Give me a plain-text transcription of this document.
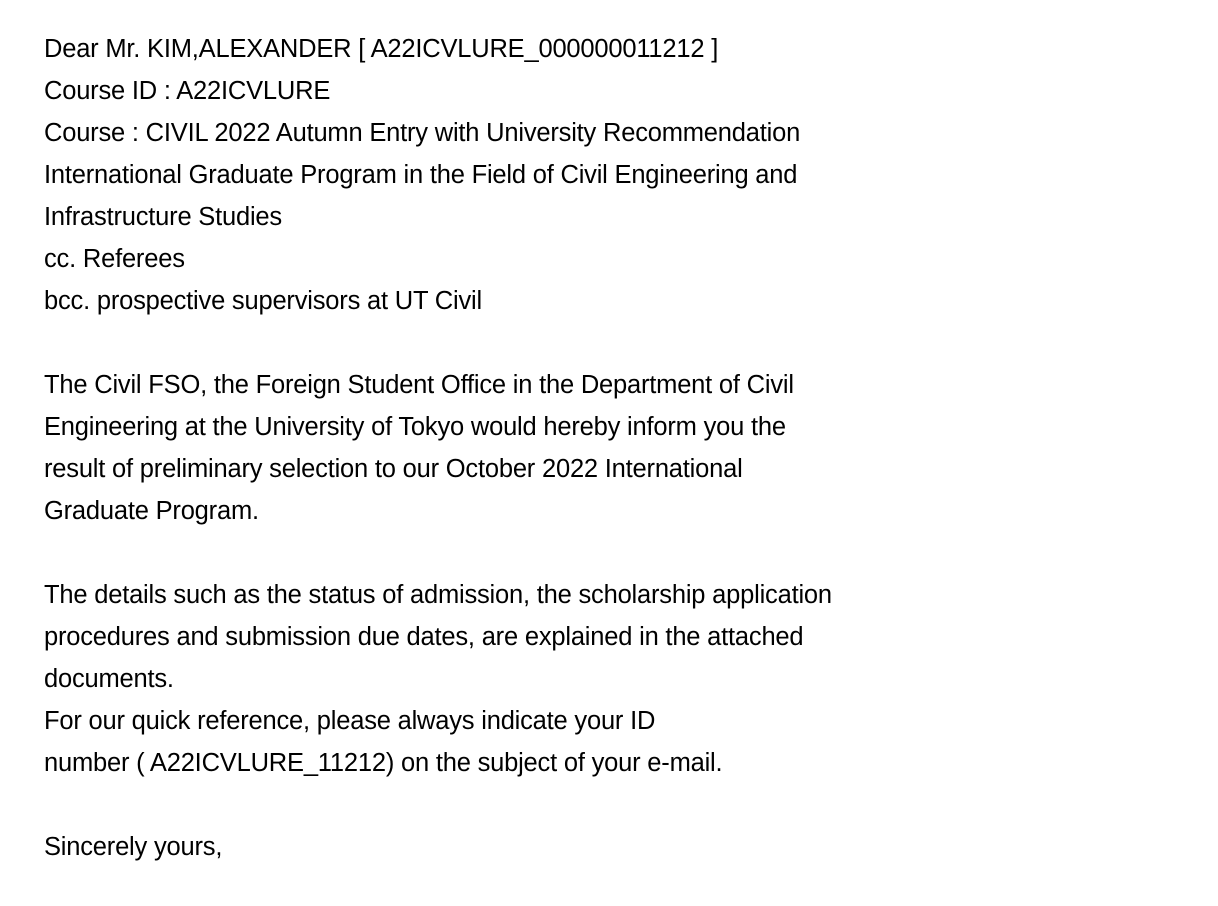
Dear Mr. KIM,ALEXANDER [ A22ICVLURE_000000011212 ]
Course ID : A22ICVLURE
Course : CIVIL 2022 Autumn Entry with University Recommendation
International Graduate Program in the Field of Civil Engineering and
Infrastructure Studies
cc. Referees
bcc. prospective supervisors at UT Civil
The Civil FSO, the Foreign Student Office in the Department of Civil
Engineering at the University of Tokyo would hereby inform you the
result of preliminary selection to our October 2022 International
Graduate Program.
The details such as the status of admission, the scholarship application
procedures and submission due dates, are explained in the attached
documents.
For our quick reference, please always indicate your ID
number ( A22ICVLURE_11212) on the subject of your e-mail.
Sincerely yours,
